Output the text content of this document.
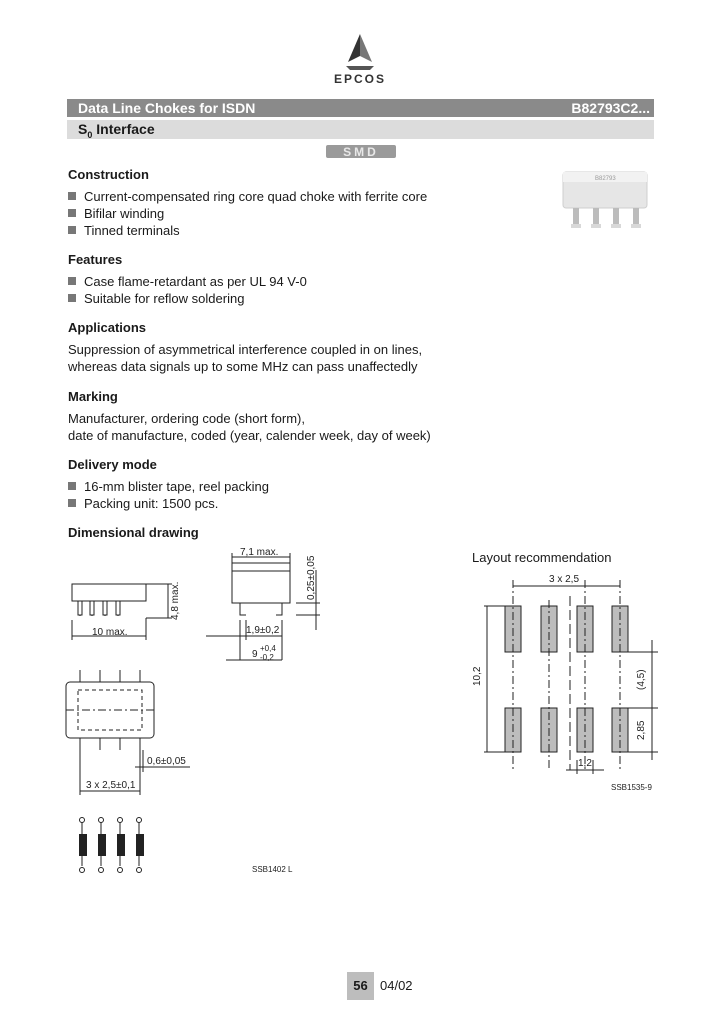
EPCOS
Data Line Chokes for ISDN	B82793C2...
$S_0$ Interface
SMD
B82793
Construction
Current-compensated ring core quad choke with ferrite core
Bifilar winding
Tinned terminals
Features
Case flame-retardant as per UL 94 V-0
Suitable for reflow soldering
Applications
Suppression of asymmetrical interference coupled in on lines,
whereas data signals up to some MHz can pass unaffectedly
Marking
Manufacturer, ordering code (short form),
date of manufacture, coded (year, calender week, day of week)
Delivery mode
16-mm blister tape, reel packing
Packing unit: 1500 pcs.
Dimensional drawing
Layout recommendation
10 max.
4,8 max.
7,1 max.
0,25±0,05
1,9±0,2
9
+0,4
-0,2
0,6±0,05
3 x 2,5±0,1
SSB1402 L
3 x 2,5
10,2	(4,5)
2,85
1,2
SSB1535-9
56 04/02
